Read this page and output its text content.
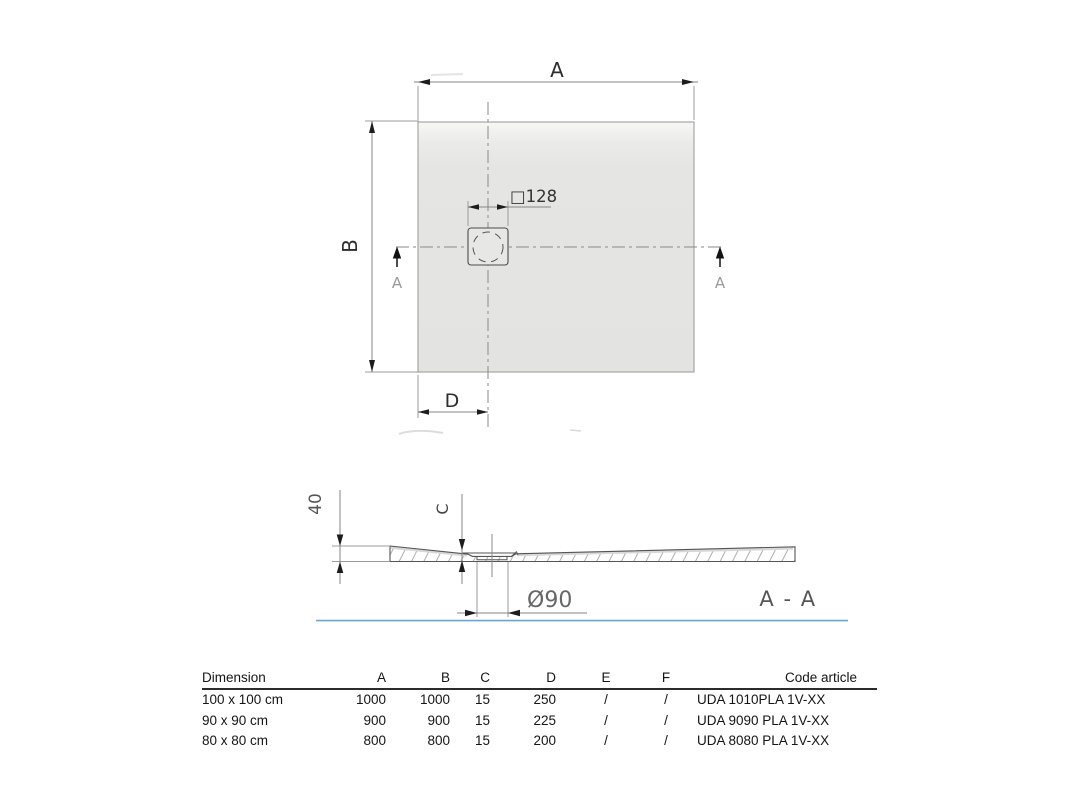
A
B
□128
D
A	A
40	C
Ø90	A - A
Dimension	A	B	C	D	E	F	Code article
100 x 100 cm	1000	1000	15	250	/	/	UDA 1010PLA 1V-XX
90 x 90 cm	900	900	15	225	/	/	UDA 9090 PLA 1V-XX
80 x 80 cm	800	800	15	200	/	/	UDA 8080 PLA 1V-XX
